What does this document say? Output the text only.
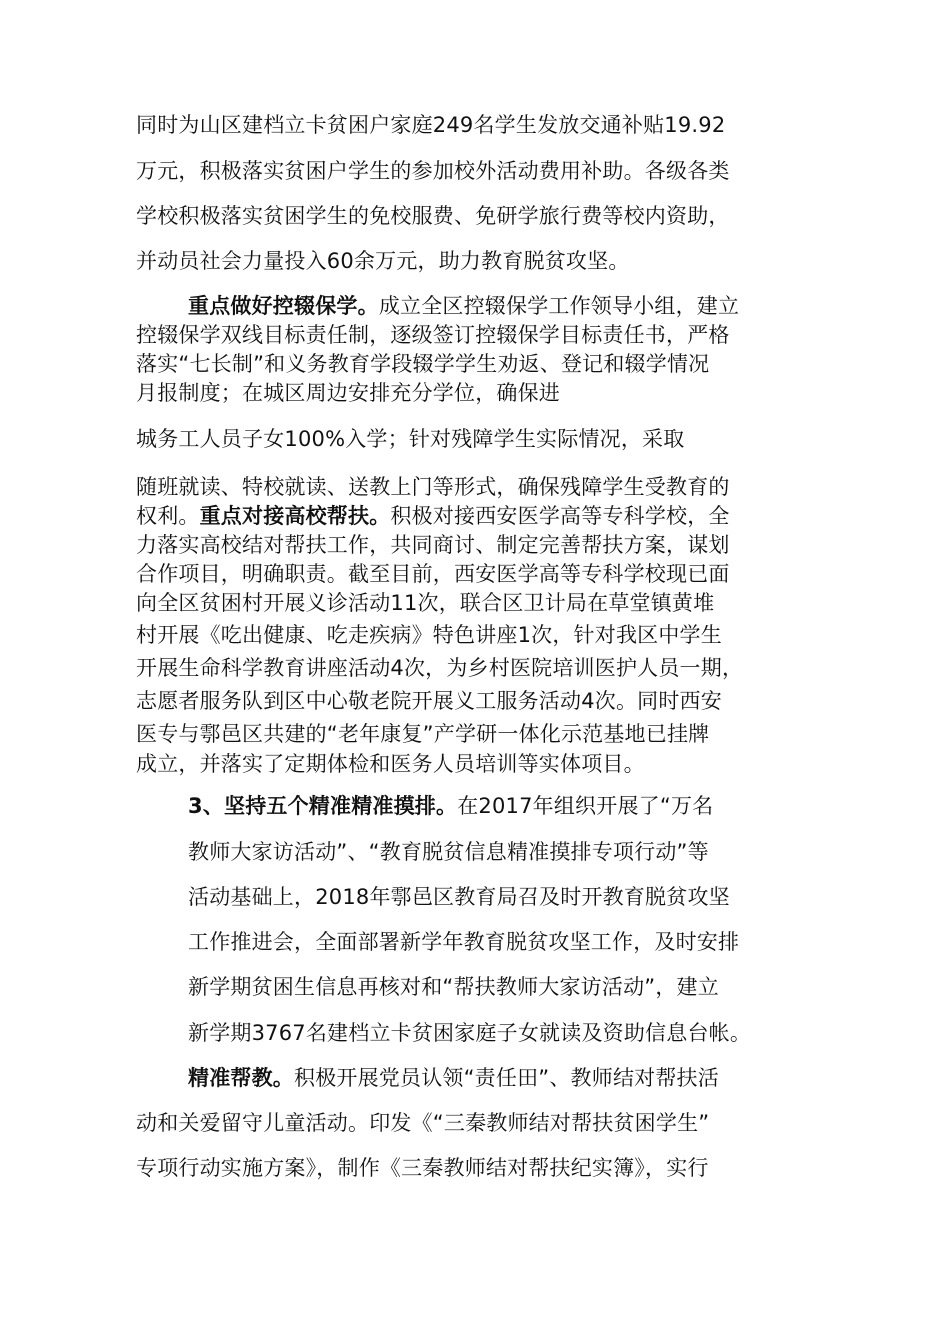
同时为山区建档立卡贫困户家庭249名学生发放交通补贴19.92
万元，积极落实贫困户学生的参加校外活动费用补助。各级各类
学校积极落实贫困学生的免校服费、免研学旅行费等校内资助，
并动员社会力量投入60余万元，助力教育脱贫攻坚。
重点做好控辍保学。成立全区控辍保学工作领导小组，建立
控辍保学双线目标责任制，逐级签订控辍保学目标责任书，严格
落实“七长制”和义务教育学段辍学学生劝返、登记和辍学情况
月报制度；在城区周边安排充分学位，确保进
城务工人员子女100%入学；针对残障学生实际情况，采取
随班就读、特校就读、送教上门等形式，确保残障学生受教育的
权利。重点对接高校帮扶。积极对接西安医学高等专科学校，全
力落实高校结对帮扶工作，共同商讨、制定完善帮扶方案，谋划
合作项目，明确职责。截至目前，西安医学高等专科学校现已面
向全区贫困村开展义诊活动11次，联合区卫计局在草堂镇黄堆
村开展《吃出健康、吃走疾病》特色讲座1次，针对我区中学生
开展生命科学教育讲座活动4次，为乡村医院培训医护人员一期，
志愿者服务队到区中心敬老院开展义工服务活动4次。同时西安
医专与鄠邑区共建的“老年康复”产学研一体化示范基地已挂牌
成立，并落实了定期体检和医务人员培训等实体项目。
3、坚持五个精准精准摸排。在2017年组织开展了“万名
教师大家访活动”、“教育脱贫信息精准摸排专项行动”等
活动基础上，2018年鄠邑区教育局召及时开教育脱贫攻坚
工作推进会，全面部署新学年教育脱贫攻坚工作，及时安排
新学期贫困生信息再核对和“帮扶教师大家访活动”，建立
新学期3767名建档立卡贫困家庭子女就读及资助信息台帐。
精准帮教。积极开展党员认领“责任田”、教师结对帮扶活
动和关爱留守儿童活动。印发《“三秦教师结对帮扶贫困学生”
专项行动实施方案》，制作《三秦教师结对帮扶纪实簿》，实行
